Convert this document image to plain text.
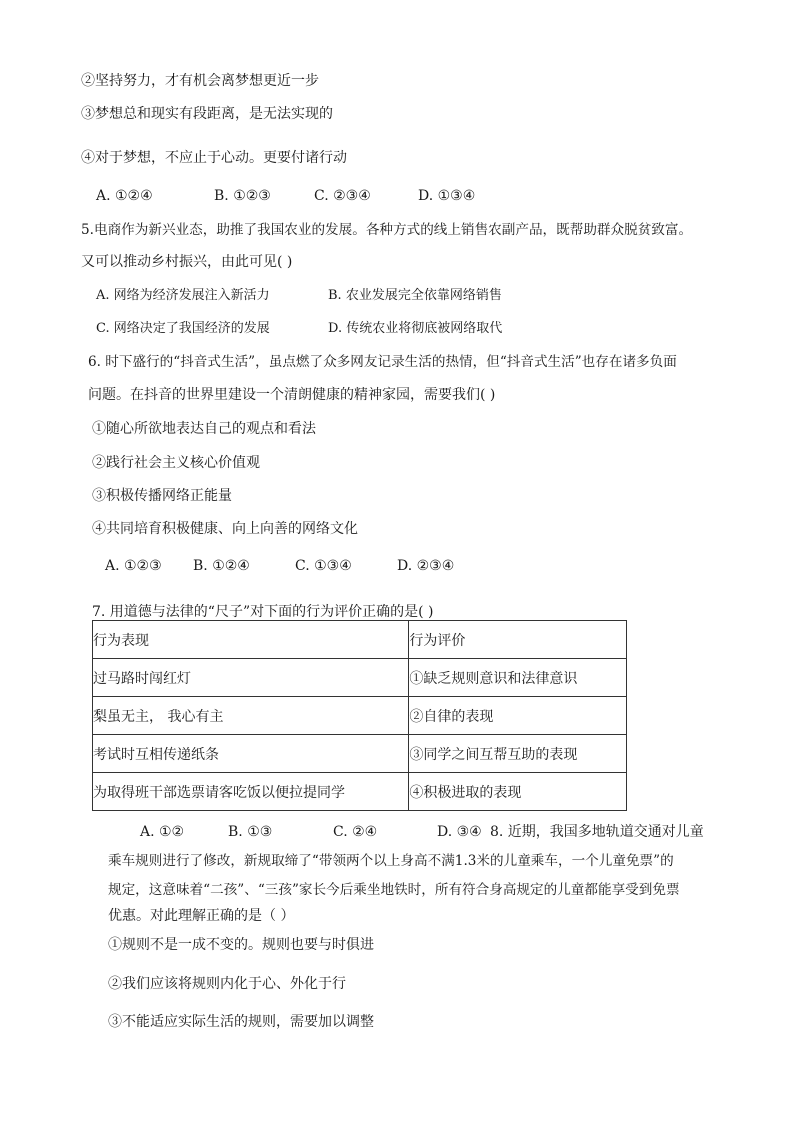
②坚持努力，才有机会离梦想更近一步
③梦想总和现实有段距离，是无法实现的
④对于梦想，不应止于心动。更要付诸行动
A. ①②④	B. ①②③	C. ②③④	D. ①③④
5.电商作为新兴业态，助推了我国农业的发展。各种方式的线上销售农副产品，既帮助群众脱贫致富。
又可以推动乡村振兴，由此可见( )
A. 网络为经济发展注入新活力	B. 农业发展完全依靠网络销售
C. 网络决定了我国经济的发展	D. 传统农业将彻底被网络取代
6. 时下盛行的“抖音式生活”，虽点燃了众多网友记录生活的热情，但“抖音式生活”也存在诸多负面
问题。在抖音的世界里建设一个清朗健康的精神家园，需要我们( )
①随心所欲地表达自己的观点和看法
②践行社会主义核心价值观
③积极传播网络正能量
④共同培育积极健康、向上向善的网络文化
A. ①②③ B. ①②④	C. ①③④	D. ②③④
7. 用道德与法律的“尺子”对下面的行为评价正确的是( )
行为表现	行为评价
过马路时闯红灯	①缺乏规则意识和法律意识
梨虽无主， 我心有主	②自律的表现
考试时互相传递纸条	③同学之间互帮互助的表现
为取得班干部选票请客吃饭以便拉提同学	④积极进取的表现
A. ①②	B. ①③	C. ②④	D. ③④ 8. 近期，我国多地轨道交通对儿童
乘车规则进行了修改，新规取缔了“带领两个以上身高不满1.3米的儿童乘车，一个儿童免票”的
规定，这意味着“二孩”、“三孩”家长今后乘坐地铁时，所有符合身高规定的儿童都能享受到免票
优惠。对此理解正确的是（ ）
①规则不是一成不变的。规则也要与时俱进
②我们应该将规则内化于心、外化于行
③不能适应实际生活的规则，需要加以调整
